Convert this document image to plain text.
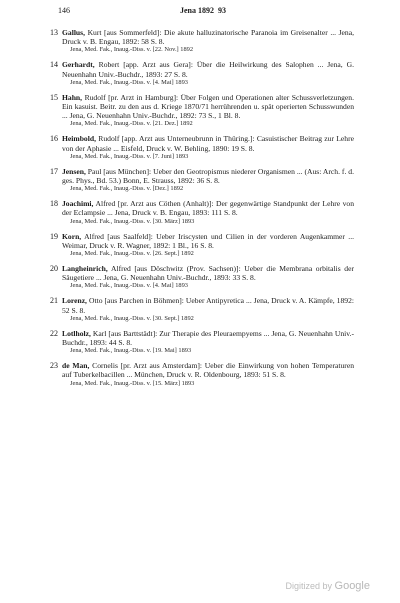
146	Jena 1892 93
13 Gallus, Kurt [aus Sommerfeld]: Die akute halluzinatorische Paranoia im Greisenalter ... Jena, Druck v. B. Engau, 1892: 58 S. 8.
Jena, Med. Fak., Inaug.-Diss. v. [22. Nov.] 1892
14 Gerhardt, Robert [app. Arzt aus Gera]: Über die Heilwirkung des Salophen ... Jena, G. Neuenhahn Univ.-Buchdr., 1893: 27 S. 8.
Jena, Med. Fak., Inaug.-Diss. v. [4. Mai] 1893
15 Hahn, Rudolf [pr. Arzt in Hamburg]: Über Folgen und Operationen alter Schussverletzungen. Ein kasuist. Beitr. zu den aus d. Kriege 1870/71 herrührenden u. spät operierten Schusswunden ... Jena, G. Neuenhahn Univ.-Buchdr., 1892: 73 S., 1 Bl. 8.
Jena, Med. Fak., Inaug.-Diss. v. [21. Dez.] 1892
16 Heimbold, Rudolf [app. Arzt aus Unterneubrunn in Thüring.]: Casuistischer Beitrag zur Lehre von der Aphasie ... Eisfeld, Druck v. W. Behling, 1890: 19 S. 8.
Jena, Med. Fak., Inaug.-Diss. v. [7. Juni] 1893
17 Jensen, Paul [aus München]: Ueber den Geotropismus niederer Organismen ... (Aus: Arch. f. d. ges. Phys., Bd. 53.) Bonn, E. Strauss, 1892: 36 S. 8.
Jena, Med. Fak., Inaug.-Diss. v. [Dez.] 1892
18 Joachimi, Alfred [pr. Arzt aus Cöthen (Anhalt)]: Der gegenwärtige Standpunkt der Lehre von der Eclampsie ... Jena, Druck v. B. Engau, 1893: 111 S. 8.
Jena, Med. Fak., Inaug.-Diss. v. [30. März] 1893
19 Korn, Alfred [aus Saalfeld]: Ueber Iriscysten und Cilien in der vorderen Augenkammer ... Weimar, Druck v. R. Wagner, 1892: 1 Bl., 16 S. 8.
Jena, Med. Fak., Inaug.-Diss. v. [26. Sept.] 1892
20 Langheinrich, Alfred [aus Döschwitz (Prov. Sachsen)]: Ueber die Membrana orbitalis der Säugetiere ... Jena, G. Neuenhahn Univ.-Buchdr., 1893: 33 S. 8.
Jena, Med. Fak., Inaug.-Diss. v. [4. Mai] 1893
21 Lorenz, Otto [aus Parchen in Böhmen]: Ueber Antipyretica ... Jena, Druck v. A. Kämpfe, 1892: 52 S. 8.
Jena, Med. Fak., Inaug.-Diss. v. [30. Sept.] 1892
22 Lotlholz, Karl [aus Barttstädt]: Zur Therapie des Pleuraempyems ... Jena, G. Neuenhahn Univ.-Buchdr., 1893: 44 S. 8.
Jena, Med. Fak., Inaug.-Diss. v. [19. Mai] 1893
23 de Man, Cornelis [pr. Arzt aus Amsterdam]: Ueber die Einwirkung von hohen Temperaturen auf Tuberkelbacillen ... München, Druck v. R. Oldenbourg, 1893: 51 S. 8.
Jena, Med. Fak., Inaug.-Diss. v. [15. März] 1893
Digitized by Google
